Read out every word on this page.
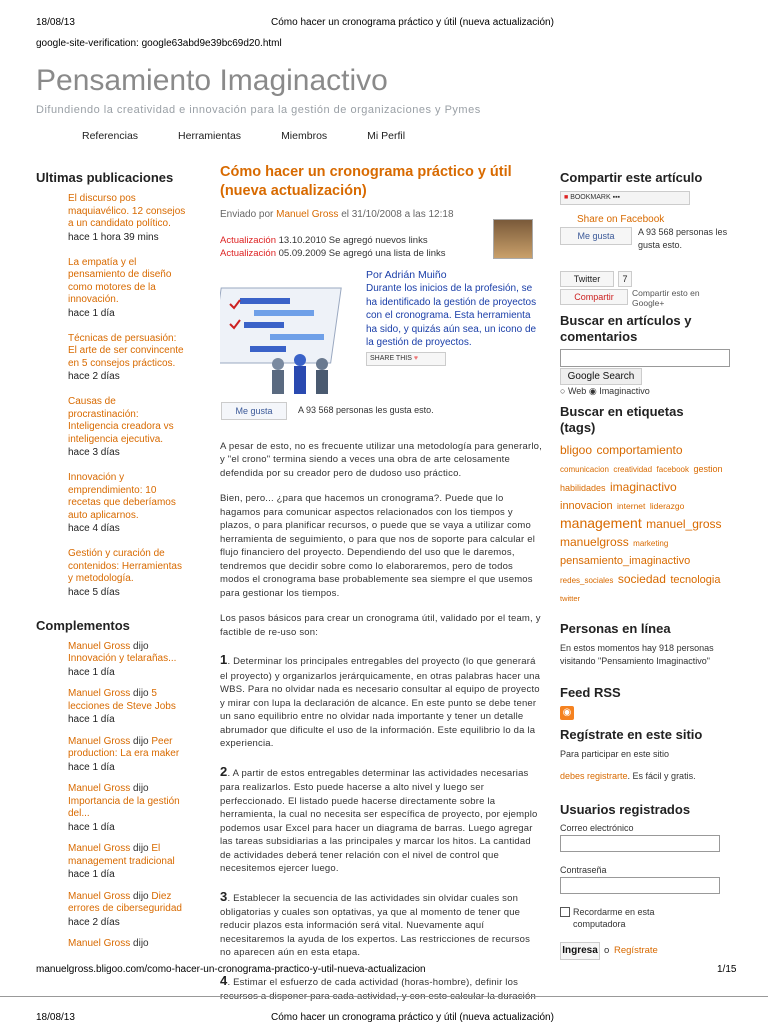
18/08/13	Cómo hacer un cronograma práctico y útil (nueva actualización)
google-site-verification: google63abd9e39bc69d20.html
Pensamiento Imaginactivo
Difundiendo la creatividad e innovación para la gestión de organizaciones y Pymes
Referencias	Herramientas	Miembros	Mi Perfil
Ultimas publicaciones
El discurso pos maquiavélico. 12 consejos a un candidato político.
hace 1 hora 39 mins
La empatía y el pensamiento de diseño como motores de la innovación.
hace 1 día
Técnicas de persuasión: El arte de ser convincente en 5 consejos prácticos.
hace 2 días
Causas de procrastinación: Inteligencia creadora vs inteligencia ejecutiva.
hace 3 días
Innovación y emprendimiento: 10 recetas que deberíamos auto aplicarnos.
hace 4 días
Gestión y curación de contenidos: Herramientas y metodología.
hace 5 días
Complementos
Manuel Gross dijo Innovación y telarañas...
hace 1 día
Manuel Gross dijo 5 lecciones de Steve Jobs
hace 1 día
Manuel Gross dijo Peer production: La era maker
hace 1 día
Manuel Gross dijo Importancia de la gestión del...
hace 1 día
Manuel Gross dijo El management tradicional
hace 1 día
Manuel Gross dijo Diez errores de ciberseguridad
hace 2 días
Manuel Gross dijo
Cómo hacer un cronograma práctico y útil (nueva actualización)
Enviado por Manuel Gross el 31/10/2008 a las 12:18
Actualización 13.10.2010 Se agregó nuevos links
Actualización 05.09.2009 Se agregó una lista de links
Por Adrián Muiño
Durante los inicios de la profesión, se ha identificado la gestión de proyectos con el cronograma. Esta herramienta ha sido, y quizás aún sea, un icono de la gestión de proyectos.
SHARE THIS ♥
Me gusta	A 93 568 personas les gusta esto.

A pesar de esto, no es frecuente utilizar una metodología para generarlo, y "el crono" termina siendo a veces una obra de arte celosamente defendida por su creador pero de dudoso uso práctico.

Bien, pero... ¿para que hacemos un cronograma?. Puede que lo hagamos para comunicar aspectos relacionados con los tiempos y plazos, o para planificar recursos, o puede que se vaya a utilizar como herramienta de seguimiento, o para que nos de soporte para calcular el flujo financiero del proyecto. Dependiendo del uso que le daremos, tendremos que decidir sobre como lo elaboraremos, pero de todos modos el cronograma base probablemente sea siempre el que usemos para gestionar los tiempos.

Los pasos básicos para crear un cronograma útil, validado por el team, y factible de re-uso son:

1. Determinar los principales entregables del proyecto (lo que generará el proyecto) y organizarlos jerárquicamente, en otras palabras hacer una WBS. Para no olvidar nada es necesario consultar al equipo de proyecto y mirar con lupa la declaración de alcance. En este punto se debe tener un sano equilibrio entre no olvidar nada importante y tener un detalle abrumador que dificulte el uso de la información. Este equilibrio lo da la experiencia.

2. A partir de estos entregables determinar las actividades necesarias para realizarlos. Esto puede hacerse a alto nivel y luego ser perfeccionado. El listado puede hacerse directamente sobre la herramienta, la cual no necesita ser específica de proyecto, por ejemplo podemos usar Excel para hacer un diagrama de barras. Luego agregar las tareas subsidiarias a las principales y marcar los hitos. La cantidad de actividades deberá tener relación con el nivel de control que necesitemos ejercer luego.

3. Establecer la secuencia de las actividades sin olvidar cuales son obligatorias y cuales son optativas, ya que al momento de tener que reducir plazos esta información será vital. Nuevamente aquí necesitaremos la ayuda de los expertos. Las restricciones de recursos no aparecen aún en esta etapa.

4. Estimar el esfuerzo de cada actividad (horas-hombre), definir los

Compartir este artículo
■ BOOKMARK ▪▪▪
Share on Facebook
Me gusta	A 93 568 personas les gusta esto.
Twitter	7
Compartir	Compartir esto en Google+
Buscar en artículos y comentarios
Google Search
○ Web ◉ Imaginactivo
Buscar en etiquetas (tags)
bligoo comportamiento comunicacion creatividad facebook gestion habilidades imaginactivo innovacion internet liderazgo management manuel_gross manuelgross marketing pensamiento_imaginactivo redes_sociales sociedad tecnologia twitter
Personas en línea
En estos momentos hay 918 personas visitando "Pensamiento Imaginactivo"
Feed RSS
◉
Regístrate en este sitio
Para participar en este sitio
debes registrarte. Es fácil y gratis.
Usuarios registrados
Correo electrónico
Contraseña
Recordarme en esta computadora
Ingresa o Regístrate
manuelgross.bligoo.com/como-hacer-un-cronograma-practico-y-util-nueva-actualizacion	1/15
18/08/13	Cómo hacer un cronograma práctico y útil (nueva actualización)
